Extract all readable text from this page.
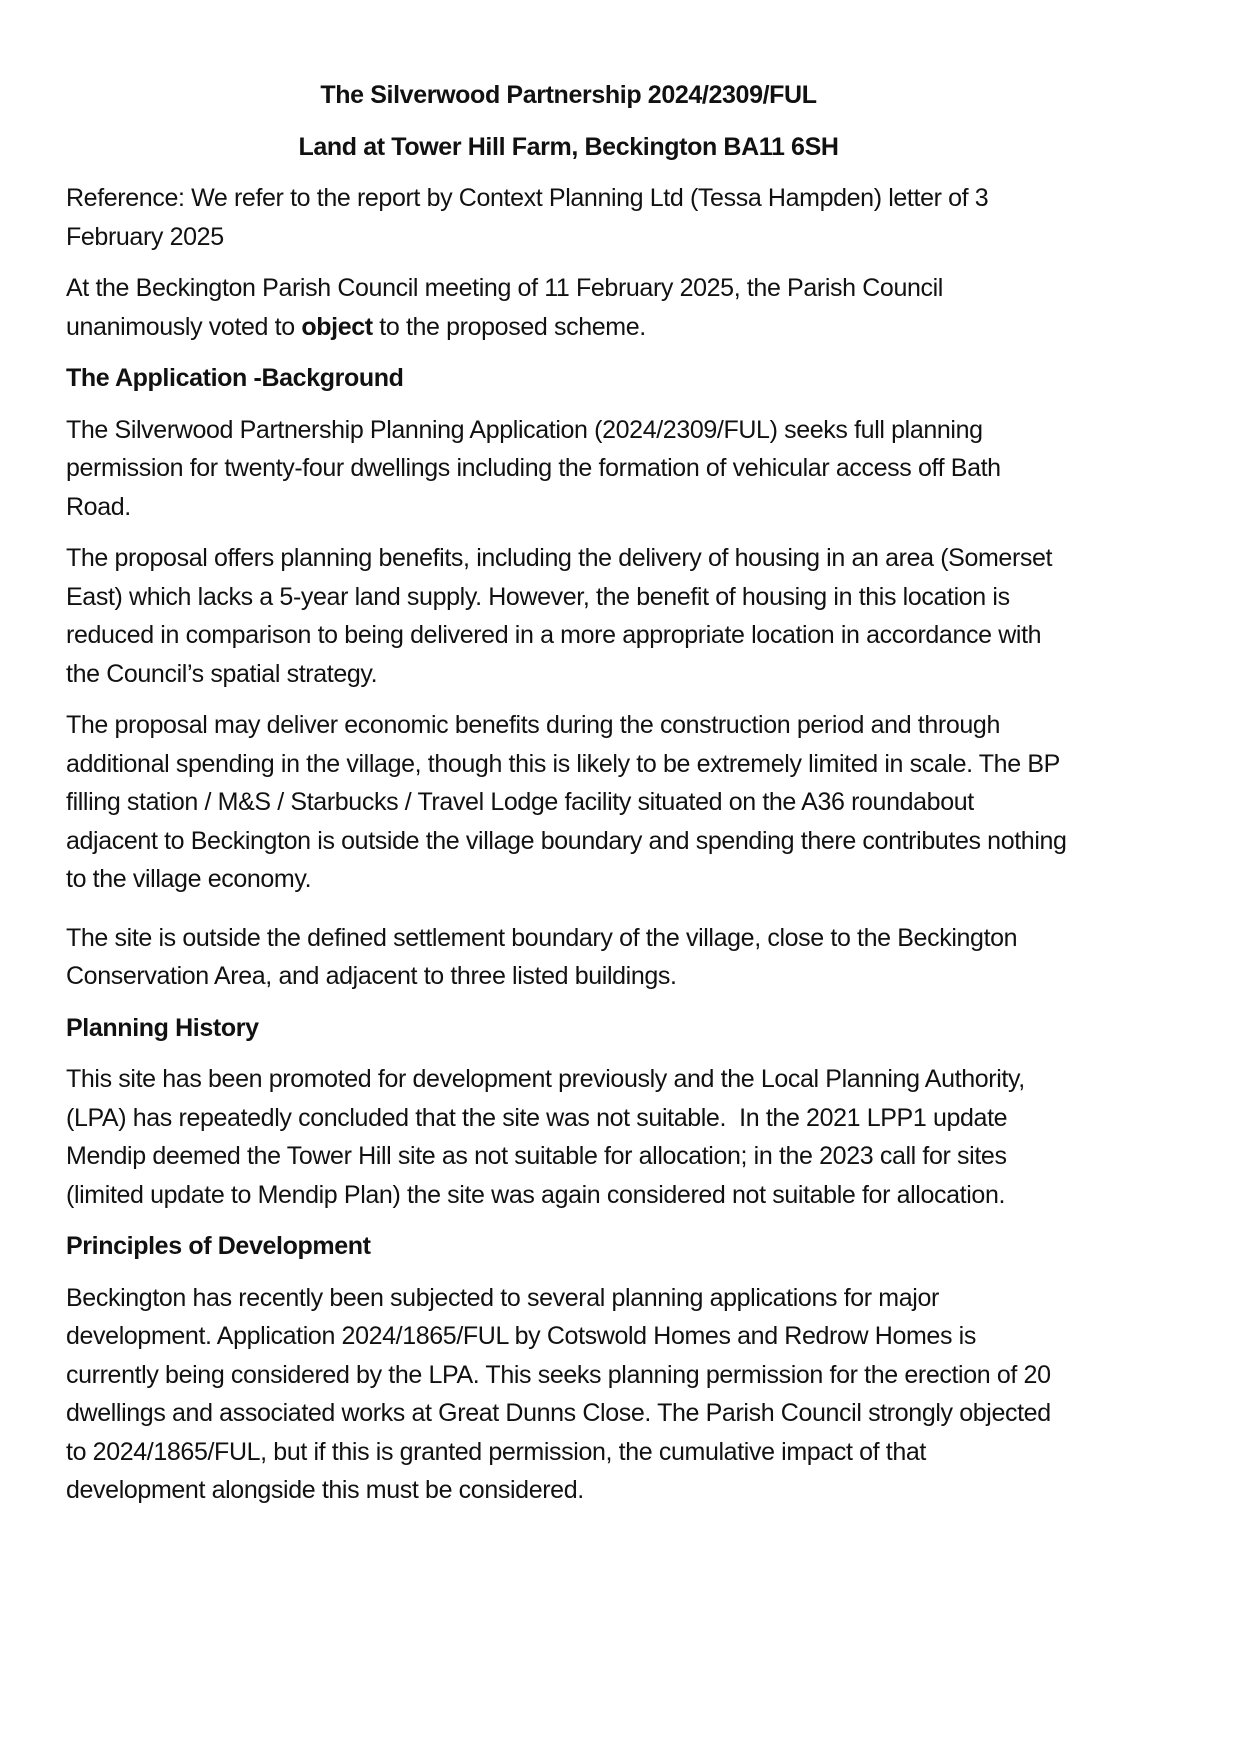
The Silverwood Partnership 2024/2309/FUL
Land at Tower Hill Farm, Beckington BA11 6SH

Reference: We refer to the report by Context Planning Ltd (Tessa Hampden) letter of 3 February 2025

At the Beckington Parish Council meeting of 11 February 2025, the Parish Council unanimously voted to object to the proposed scheme.

The Application -Background

The Silverwood Partnership Planning Application (2024/2309/FUL) seeks full planning permission for twenty-four dwellings including the formation of vehicular access off Bath Road.

The proposal offers planning benefits, including the delivery of housing in an area (Somerset East) which lacks a 5-year land supply. However, the benefit of housing in this location is reduced in comparison to being delivered in a more appropriate location in accordance with the Council’s spatial strategy.

The proposal may deliver economic benefits during the construction period and through additional spending in the village, though this is likely to be extremely limited in scale. The BP filling station / M&S / Starbucks / Travel Lodge facility situated on the A36 roundabout adjacent to Beckington is outside the village boundary and spending there contributes nothing to the village economy.

The site is outside the defined settlement boundary of the village, close to the Beckington Conservation Area, and adjacent to three listed buildings.

Planning History

This site has been promoted for development previously and the Local Planning Authority, (LPA) has repeatedly concluded that the site was not suitable.  In the 2021 LPP1 update Mendip deemed the Tower Hill site as not suitable for allocation; in the 2023 call for sites (limited update to Mendip Plan) the site was again considered not suitable for allocation.

Principles of Development

Beckington has recently been subjected to several planning applications for major development. Application 2024/1865/FUL by Cotswold Homes and Redrow Homes is currently being considered by the LPA. This seeks planning permission for the erection of 20 dwellings and associated works at Great Dunns Close. The Parish Council strongly objected to 2024/1865/FUL, but if this is granted permission, the cumulative impact of that development alongside this must be considered.
